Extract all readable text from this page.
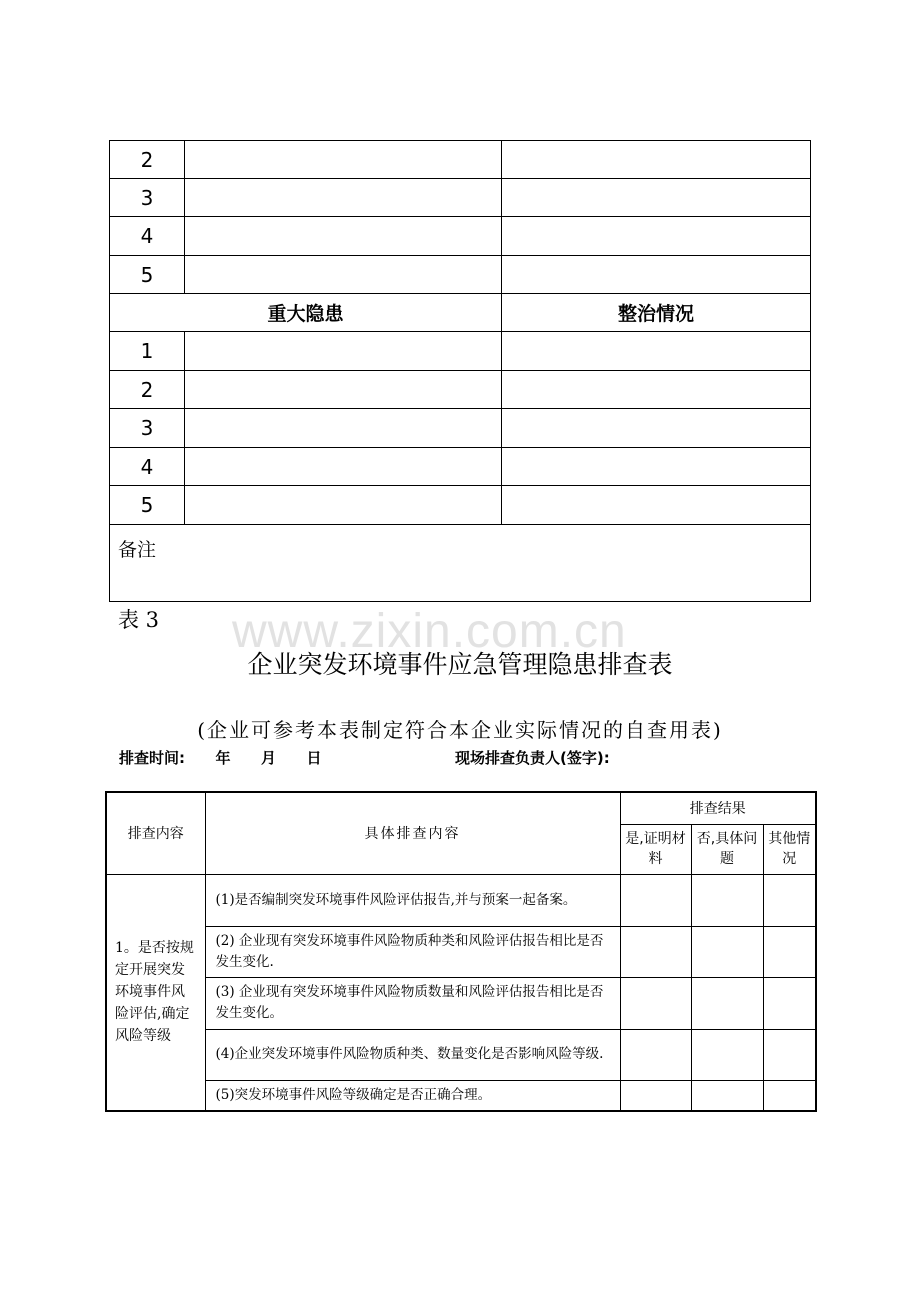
2		
3		
4		
5		
重大隐患		整治情况
1		
2		
3		
4		
5		
备注		
表 3 www.zixin.com.cn
企业突发环境事件应急管理隐患排查表
(企业可参考本表制定符合本企业实际情况的自查用表)
排查时间: 年 月 日	现场排查负责人(签字):
排查内容	具体排查内容	排查结果		
		是,证明材料	否,具体问题	其他情况
1。是否按规定开展突发环境事件风险评估,确定风险等级	(1)是否编制突发环境事件风险评估报告,并与预案一起备案。			
	(2) 企业现有突发环境事件风险物质种类和风险评估报告相比是否发生变化.			
	(3) 企业现有突发环境事件风险物质数量和风险评估报告相比是否发生变化。			
	(4)企业突发环境事件风险物质种类、数量变化是否影响风险等级.			
	(5)突发环境事件风险等级确定是否正确合理。			
